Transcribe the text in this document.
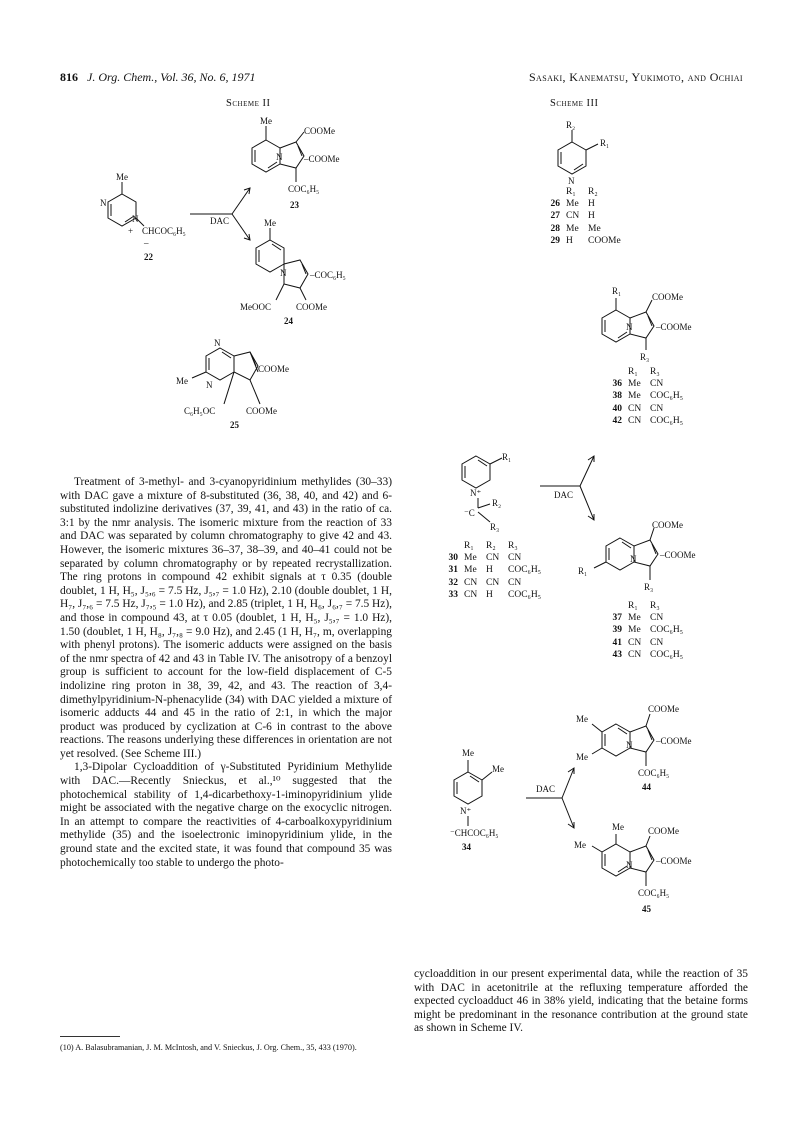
816 J. Org. Chem., Vol. 36, No. 6, 1971	Sasaki, Kanematsu, Yukimoto, and Ochiai
Scheme II	Scheme III
Me
N
N
+ CHCOC₆H₅
–
22
DAC
Me
N
COOMe
–COOMe
COC₆H₅
23
Me
N	–COC₆H₅
MeOOC	COOMe
24
N
N
Me
COOMe
C₆H₅OC	COOMe
25
R₂
R₁
N
R₁	R₂
26 Me H
27 CN H
28 Me Me
29 H	COOMe
R₁
N
COOMe
–COOMe
R₃
R₁	R₃
36 Me CN
38 Me COC₆H₅
40 CN CN
42 CN COC₆H₅
R₁
N⁺
R₂
⁻C
R₃
DAC
R₁	R₂	R₃
30 Me CN CN
31 Me H	COC₆H₅
32 CN CN CN
33 CN H	COC₆H₅
N
R₁
COOMe
–COOMe
R₃
R₁	R₃
37 Me CN
39 Me COC₆H₅
41 CN CN
43 CN COC₆H₅
N
Me
Me
COOMe
–COOMe
COC₆H₅
44
Me
Me
N⁺
⁻CHCOC₆H₅
34
DAC
Me
N
Me
COOMe
–COOMe
COC₆H₅
45

Treatment of 3-methyl- and 3-cyanopyridinium methylides (30–33) with DAC gave a mixture of 8-substituted (36, 38, 40, and 42) and 6-substituted indolizine derivatives (37, 39, 41, and 43) in the ratio of ca. 3:1 by the nmr analysis. The isomeric mixture from the reaction of 33 and DAC was separated by column chromatography to give 42 and 43. However, the isomeric mixtures 36–37, 38–39, and 40–41 could not be separated by column chromatography or by repeated recrystallization. The ring protons in compound 42 exhibit signals at τ 0.35 (double doublet, 1 H, H₅, J₅,₆ = 7.5 Hz, J₅,₇ = 1.0 Hz), 2.10 (double doublet, 1 H, H₇, J₇,₆ = 7.5 Hz, J₇,₅ = 1.0 Hz), and 2.85 (triplet, 1 H, H₆, J₆,₇ = 7.5 Hz), and those in compound 43, at τ 0.05 (doublet, 1 H, H₅, J₅,₇ = 1.0 Hz), 1.50 (doublet, 1 H, H₈, J₇,₈ = 9.0 Hz), and 2.45 (1 H, H₇, m, overlapping with phenyl protons). The isomeric adducts were assigned on the basis of the nmr spectra of 42 and 43 in Table IV. The anisotropy of a benzoyl group is sufficient to account for the low-field displacement of C-5 indolizine ring proton in 38, 39, 42, and 43. The reaction of 3,4-dimethylpyridinium-N-phenacylide (34) with DAC yielded a mixture of isomeric adducts 44 and 45 in the ratio of 2:1, in which the major product was produced by cyclization at C-6 in contrast to the above reactions. The reasons underlying these differences in orientation are not yet resolved. (See Scheme III.)

1,3-Dipolar Cycloaddition of γ-Substituted Pyridinium Methylide with DAC.—Recently Snieckus, et al.,¹⁰ suggested that the photochemical stability of 1,4-dicarbethoxy-1-iminopyridinium ylide might be associated with the negative charge on the exocyclic nitrogen. In an attempt to compare the reactivities of 4-carboalkoxypyridinium methylide (35) and the isoelectronic iminopyridinium ylide, in the ground state and the excited state, it was found that compound 35 was photochemically too stable to undergo the photo-

(10) A. Balasubramanian, J. M. McIntosh, and V. Snieckus, J. Org. Chem., 35, 433 (1970).

cycloaddition in our present experimental data, while the reaction of 35 with DAC in acetonitrile at the refluxing temperature afforded the expected cycloadduct 46 in 38% yield, indicating that the betaine forms might be predominant in the resonance contribution at the ground state as shown in Scheme IV.
